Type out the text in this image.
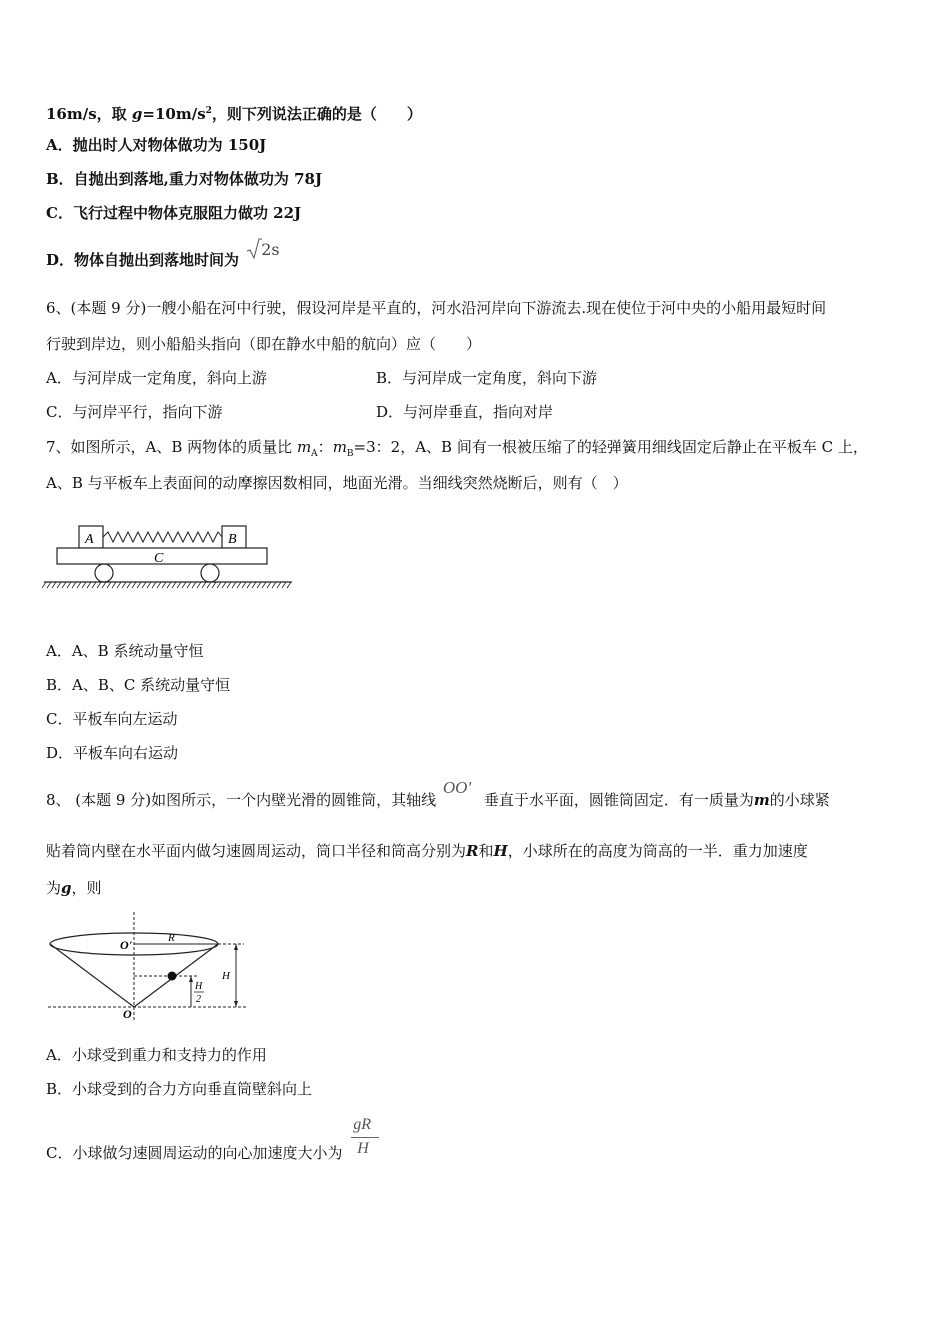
16m/s，取 $g=10m/s^2$，则下列说法正确的是（　　）
A．抛出时人对物体做功为 150J
B．自抛出到落地,重力对物体做功为 78J
C．飞行过程中物体克服阻力做功 22J
D．物体自抛出到落地时间为
2s
6、(本题 9 分)一艘小船在河中行驶，假设河岸是平直的，河水沿河岸向下游流去.现在使位于河中央的小船用最短时间
行驶到岸边，则小船船头指向（即在静水中船的航向）应（　　）
A．与河岸成一定角度，斜向上游	B．与河岸成一定角度，斜向下游
C．与河岸平行，指向下游	D．与河岸垂直，指向对岸
7、如图所示，A、B 两物体的质量比 $m_A$：$m_B=3$：2，A、B 间有一根被压缩了的轻弹簧用细线固定后静止在平板车 C 上，
A、B 与平板车上表面间的动摩擦因数相同，地面光滑。当细线突然烧断后，则有（　）
A	B
C
A．A、B 系统动量守恒
B．A、B、C 系统动量守恒
C．平板车向左运动
D．平板车向右运动
8、 (本题 9 分)如图所示，一个内壁光滑的圆锥筒，其轴线 OO' 垂直于水平面，圆锥筒固定．有一质量为m的小球紧
贴着筒内壁在水平面内做匀速圆周运动，筒口半径和筒高分别为R和H，小球所在的高度为筒高的一半．重力加速度
为g，则
R
O'
H
2
H
O
A．小球受到重力和支持力的作用
B．小球受到的合力方向垂直筒壁斜向上
C．小球做匀速圆周运动的向心加速度大小为 $\frac{gR}{H}$
